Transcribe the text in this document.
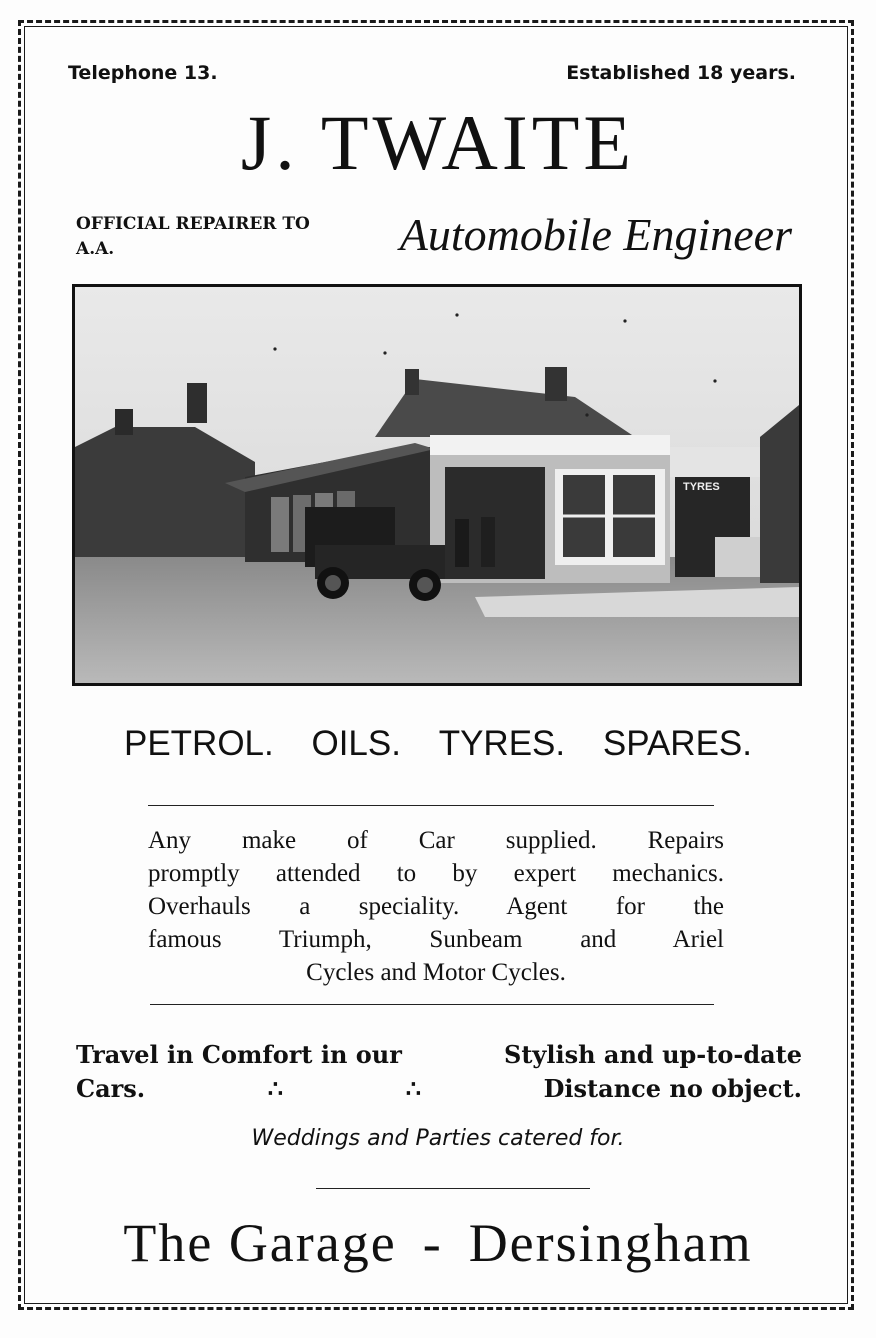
Telephone 13.	Established 18 years.
J. TWAITE
OFFICIAL REPAIRER TO A.A.	Automobile Engineer
TYRES
PETROL. OILS. TYRES. SPARES.
Any make of Car supplied. Repairs
promptly attended to by expert mechanics.
Overhauls a speciality. Agent for the
famous Triumph, Sunbeam and Ariel
Cycles and Motor Cycles.
Travel in Comfort in our	Stylish and up-to-date
Cars.	∴	∴	Distance no object.
Weddings and Parties catered for.
The Garage - Dersingham
